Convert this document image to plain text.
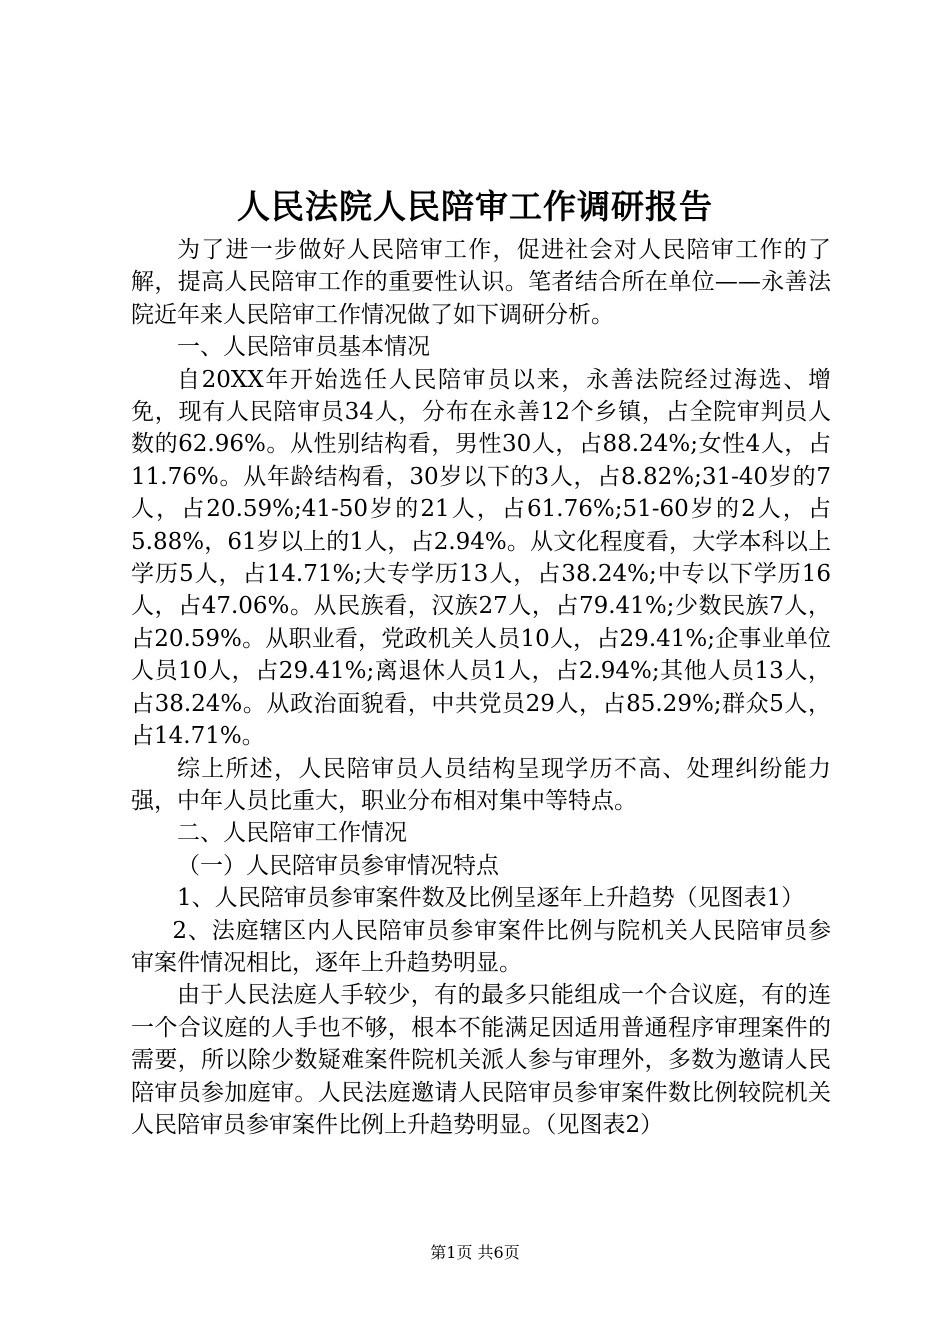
人民法院人民陪审工作调研报告

为了进一步做好人民陪审工作，促进社会对人民陪审工作的了解，提高人民陪审工作的重要性认识。笔者结合所在单位——永善法院近年来人民陪审工作情况做了如下调研分析。

一、人民陪审员基本情况

自20XX年开始选任人民陪审员以来，永善法院经过海选、增免，现有人民陪审员34人，分布在永善12个乡镇，占全院审判员人数的62.96%。从性别结构看，男性30人，占88.24%;女性4人，占11.76%。从年龄结构看，30岁以下的3人，占8.82%;31-40岁的7人，占20.59%;41-50岁的21人，占61.76%;51-60岁的2人，占5.88%，61岁以上的1人，占2.94%。从文化程度看，大学本科以上学历5人，占14.71%;大专学历13人，占38.24%;中专以下学历16人，占47.06%。从民族看，汉族27人，占79.41%;少数民族7人，占20.59%。从职业看，党政机关人员10人，占29.41%;企事业单位人员10人，占29.41%;离退休人员1人，占2.94%;其他人员13人，占38.24%。从政治面貌看，中共党员29人，占85.29%;群众5人，占14.71%。

综上所述，人民陪审员人员结构呈现学历不高、处理纠纷能力强，中年人员比重大，职业分布相对集中等特点。

二、人民陪审工作情况

（一）人民陪审员参审情况特点

1、人民陪审员参审案件数及比例呈逐年上升趋势（见图表1）

2、法庭辖区内人民陪审员参审案件比例与院机关人民陪审员参审案件情况相比，逐年上升趋势明显。

由于人民法庭人手较少，有的最多只能组成一个合议庭，有的连一个合议庭的人手也不够，根本不能满足因适用普通程序审理案件的需要，所以除少数疑难案件院机关派人参与审理外，多数为邀请人民陪审员参加庭审。人民法庭邀请人民陪审员参审案件数比例较院机关人民陪审员参审案件比例上升趋势明显。（见图表2）

第1页 共6页
